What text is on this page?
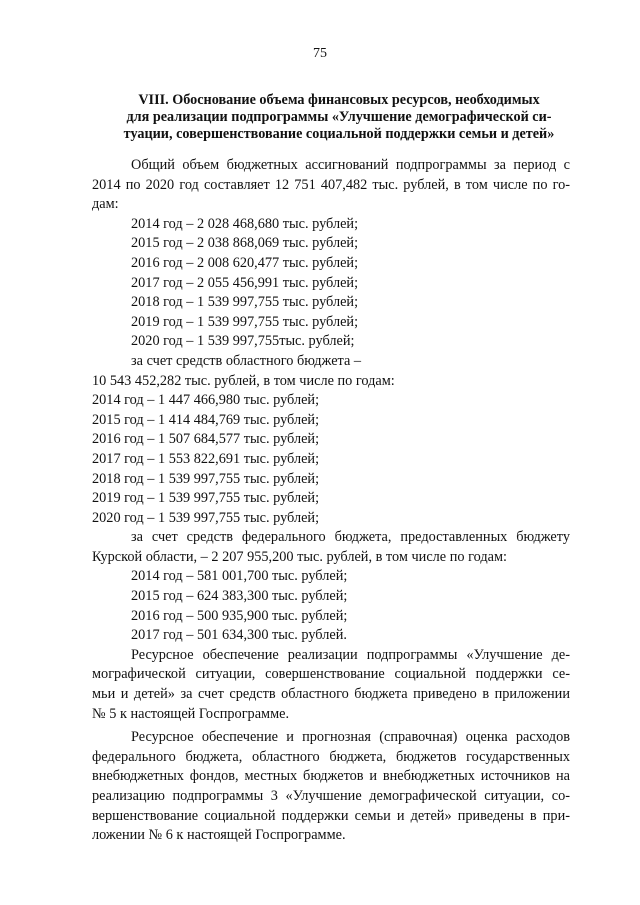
75
VIII. Обоснование объема финансовых ресурсов, необходимых
для реализации подпрограммы «Улучшение демографической си-
туации, совершенствование социальной поддержки семьи и детей»
Общий объем бюджетных ассигнований подпрограммы за период с
2014 по 2020 год составляет 12 751 407,482 тыс. рублей, в том числе по го-
дам:
2014 год – 2 028 468,680 тыс. рублей;
2015 год – 2 038 868,069 тыс. рублей;
2016 год – 2 008 620,477 тыс. рублей;
2017 год – 2 055 456,991 тыс. рублей;
2018 год – 1 539 997,755 тыс. рублей;
2019 год – 1 539 997,755 тыс. рублей;
2020 год – 1 539 997,755тыс. рублей;
за счет средств областного бюджета –
10 543 452,282 тыс. рублей, в том числе по годам:
2014 год – 1 447 466,980 тыс. рублей;
2015 год – 1 414 484,769 тыс. рублей;
2016 год – 1 507 684,577 тыс. рублей;
2017 год – 1 553 822,691 тыс. рублей;
2018 год – 1 539 997,755 тыс. рублей;
2019 год – 1 539 997,755 тыс. рублей;
2020 год – 1 539 997,755 тыс. рублей;
за счет средств федерального бюджета, предоставленных бюджету
Курской области, – 2 207 955,200 тыс. рублей, в том числе по годам:
2014 год – 581 001,700 тыс. рублей;
2015 год – 624 383,300 тыс. рублей;
2016 год – 500 935,900 тыс. рублей;
2017 год – 501 634,300 тыс. рублей.
Ресурсное обеспечение реализации подпрограммы «Улучшение де-
мографической ситуации, совершенствование социальной поддержки се-
мьи и детей» за счет средств областного бюджета приведено в приложении
№ 5 к настоящей Госпрограмме.
Ресурсное обеспечение и прогнозная (справочная) оценка расходов
федерального бюджета, областного бюджета, бюджетов государственных
внебюджетных фондов, местных бюджетов и внебюджетных источников на
реализацию подпрограммы 3 «Улучшение демографической ситуации, со-
вершенствование социальной поддержки семьи и детей» приведены в при-
ложении № 6 к настоящей Госпрограмме.
